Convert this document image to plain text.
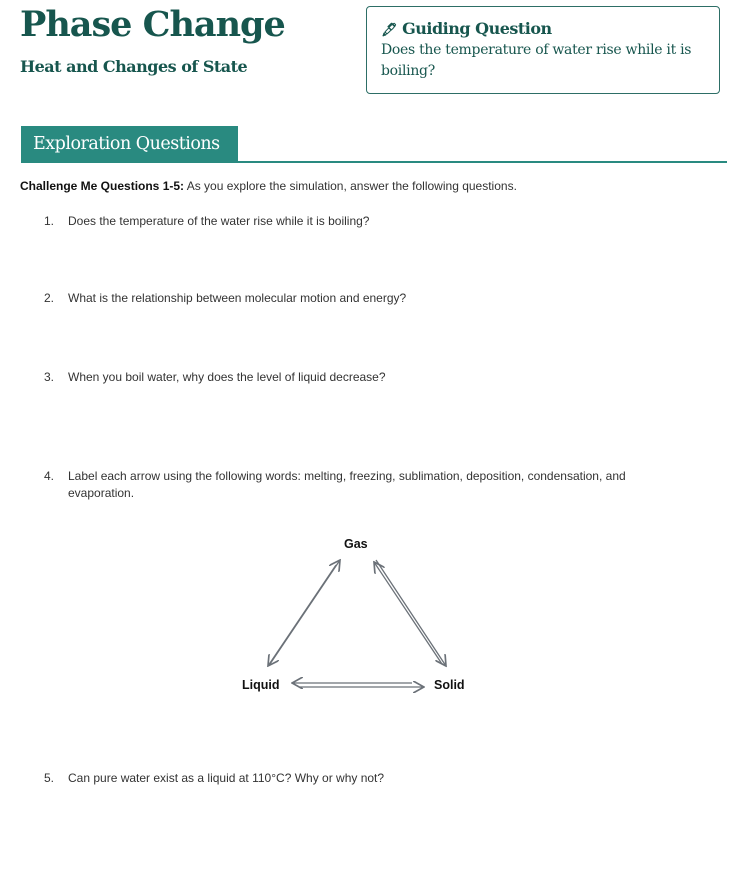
Phase Change
Heat and Changes of State
🖋︎ Guiding Question
Does the temperature of water rise while it is boiling?
Exploration Questions
Challenge Me Questions 1-5: As you explore the simulation, answer the following questions.
1. Does the temperature of the water rise while it is boiling?
2. What is the relationship between molecular motion and energy?
3. When you boil water, why does the level of liquid decrease?
4.	Label each arrow using the following words: melting, freezing, sublimation, deposition, condensation, and evaporation.
5. Can pure water exist as a liquid at 110°C? Why or why not?
Gas
Liquid	Solid
